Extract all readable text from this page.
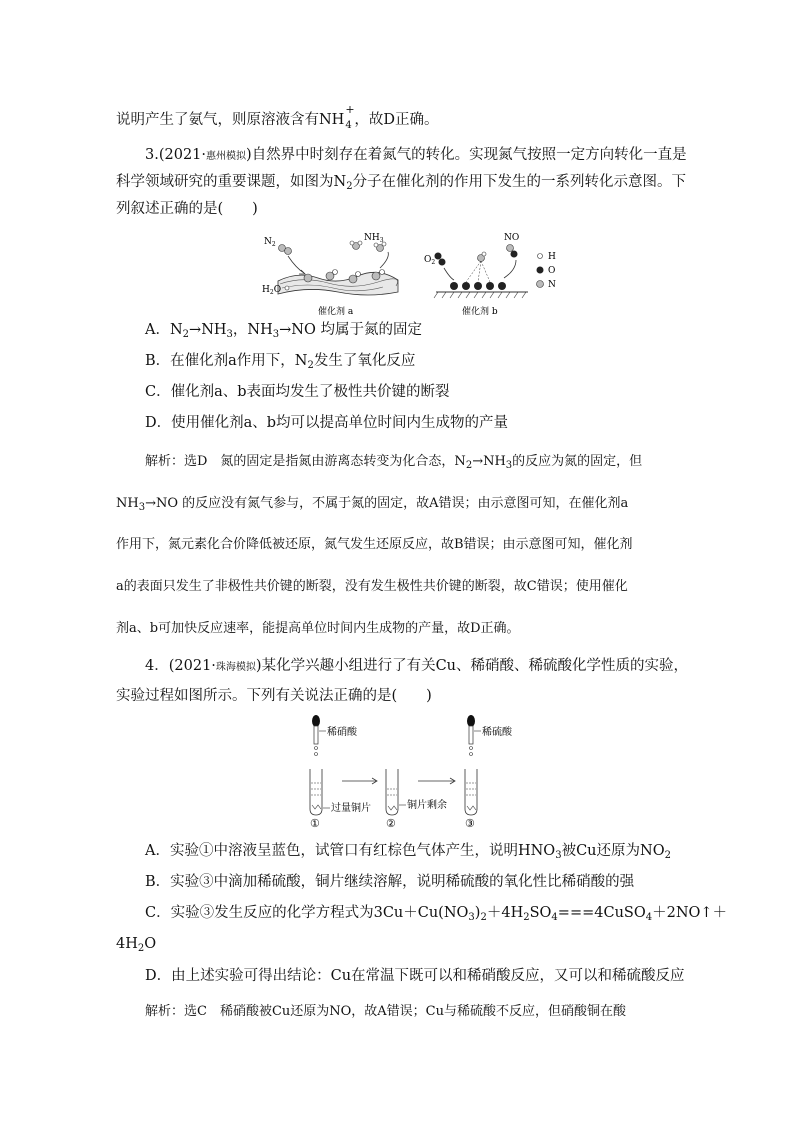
说明产生了氨气，则原溶液含有NH
+
4 ，故D正确。
3.(2021·惠州模拟)自然界中时刻存在着氮气的转化。实现氮气按照一定方向转化一直是
科学领域研究的重要课题，如图为$N_2$分子在催化剂的作用下发生的一系列转化示意图。下
列叙述正确的是(　　)
$N_2$
$NH_3$
$H_2O$
催化剂 a
$O_2$
NO
催化剂 b
H
O
N
A．$N_2\to NH_3$，$NH_3\to NO$ 均属于氮的固定
B．在催化剂a作用下，$N_2$发生了氧化反应
C．催化剂a、b表面均发生了极性共价键的断裂
D．使用催化剂a、b均可以提高单位时间内生成物的产量
解析：选D　氮的固定是指氮由游离态转变为化合态，$N_2\to NH_3$的反应为氮的固定，但
$NH_3\to NO$ 的反应没有氮气参与，不属于氮的固定，故A错误；由示意图可知，在催化剂a
作用下，氮元素化合价降低被还原，氮气发生还原反应，故B错误；由示意图可知，催化剂
a的表面只发生了非极性共价键的断裂，没有发生极性共价键的断裂，故C错误；使用催化
剂a、b可加快反应速率，能提高单位时间内生成物的产量，故D正确。
4．(2021·珠海模拟)某化学兴趣小组进行了有关Cu、稀硝酸、稀硫酸化学性质的实验，
实验过程如图所示。下列有关说法正确的是(　　)
稀硝酸
过量铜片
①
铜片剩余
②
稀硫酸
③
A．实验①中溶液呈蓝色，试管口有红棕色气体产生，说明$HNO_3$被Cu还原为$NO_2$
B．实验③中滴加稀硫酸，铜片继续溶解，说明稀硫酸的氧化性比稀硝酸的强
C．实验③发生反应的化学方程式为$3Cu+Cu(NO_3)_2+4H_2SO_4===4CuSO_4+2NO↑+$
$4H_2O$
D．由上述实验可得出结论：Cu在常温下既可以和稀硝酸反应，又可以和稀硫酸反应
解析：选C　稀硝酸被Cu还原为NO，故A错误；Cu与稀硫酸不反应，但硝酸铜在酸
